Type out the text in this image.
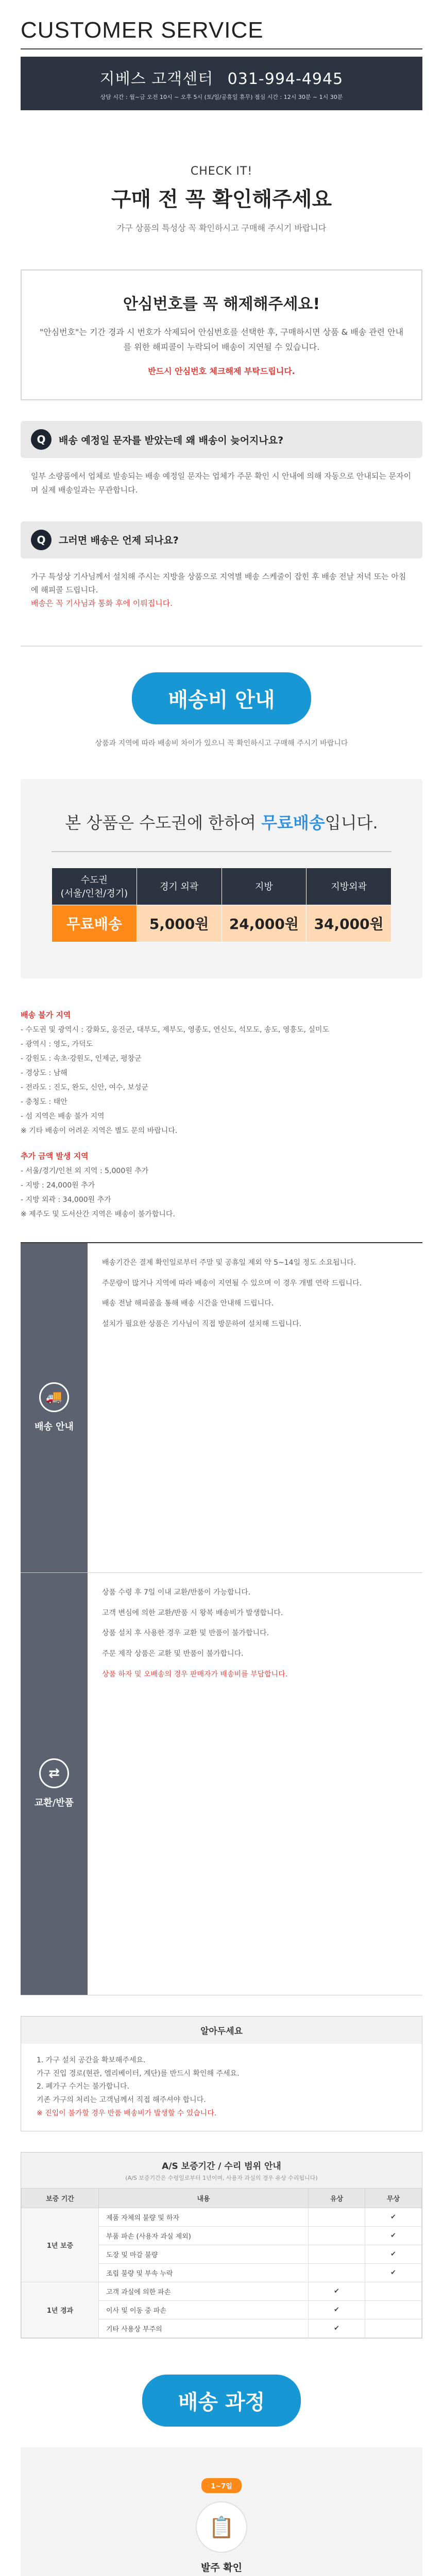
CUSTOMER SERVICE
지베스 고객센터 031-994-4945
상담 시간 : 월~금 오전 10시 ~ 오후 5시 (토/일/공휴일 휴무) 점심 시간 : 12시 30분 ~ 1시 30분
CHECK IT!
구매 전 꼭 확인해주세요

가구 상품의 특성상 꼭 확인하시고 구매해 주시기 바랍니다

안심번호를 꼭 해제해주세요!

"안심번호"는 기간 경과 시 번호가 삭제되어 안심번호를 선택한 후, 구매하시면 상품 & 배송 관련 안내를 위한 해피콜이 누락되어 배송이 지연될 수 있습니다.

반드시 안심번호 체크해제 부탁드립니다.

Q	배송 예정일 문자를 받았는데 왜 배송이 늦어지나요?
일부 소량품에서 업체로 발송되는 배송 예정일 문자는 업체가 주문 확인 시 안내에 의해 자동으로 안내되는 문자이며 실제 배송일과는 무관합니다.
Q	그러면 배송은 언제 되나요?
가구 특성상 기사님께서 설치해 주시는 지방을 상품으로 지역별 배송 스케줄이 잡힌 후 배송 전날 저녁 또는 아침에 해피콜 드립니다.
배송은 꼭 기사님과 통화 후에 이뤄집니다.
배송비 안내
상품과 지역에 따라 배송비 차이가 있으니 꼭 확인하시고 구매해 주시기 바랍니다
본 상품은 수도권에 한하여 무료배송입니다.
수도권
(서울/인천/경기)	경기 외곽	지방	지방외곽
무료배송	5,000원	24,000원	34,000원
배송 불가 지역
- 수도권 및 광역시 : 강화도, 옹진군, 대부도, 제부도, 영종도, 연신도, 석모도, 송도, 영흥도, 실미도
- 광역시 : 영도, 가덕도
- 강원도 : 속초·강원도, 인제군, 평창군
- 경상도 : 남해
- 전라도 : 진도, 완도, 신안, 여수, 보성군
- 충청도 : 태안
- 섬 지역은 배송 불가 지역
※ 기타 배송이 어려운 지역은 별도 문의 바랍니다.
추가 금액 발생 지역
- 서울/경기/인천 외 지역 : 5,000원 추가
- 지방 : 24,000원 추가
- 지방 외곽 : 34,000원 추가
※ 제주도 및 도서산간 지역은 배송이 불가합니다.
🚚
배송 안내

배송기간은 결제 확인일로부터 주말 및 공휴일 제외 약 5~14일 정도 소요됩니다.

주문량이 많거나 지역에 따라 배송이 지연될 수 있으며 이 경우 개별 연락 드립니다.

배송 전날 해피콜을 통해 배송 시간을 안내해 드립니다.

설치가 필요한 상품은 기사님이 직접 방문하여 설치해 드립니다.

⇄
교환/반품

상품 수령 후 7일 이내 교환/반품이 가능합니다.

고객 변심에 의한 교환/반품 시 왕복 배송비가 발생합니다.

상품 설치 후 사용한 경우 교환 및 반품이 불가합니다.

주문 제작 상품은 교환 및 반품이 불가합니다.

상품 하자 및 오배송의 경우 판매자가 배송비를 부담합니다.

알아두세요
1. 가구 설치 공간을 확보해주세요.
가구 진입 경로(현관, 엘리베이터, 계단)를 반드시 확인해 주세요.
2. 폐가구 수거는 불가합니다.
기존 가구의 처리는 고객님께서 직접 해주셔야 합니다.
※ 진입이 불가할 경우 반품 배송비가 발생할 수 있습니다.
A/S 보증기간 / 수리 범위 안내
(A/S 보증기간은 수령일로부터 1년이며, 사용자 과실의 경우 유상 수리됩니다)
보증 기간	내용	유상	무상
1년 보증	제품 자체의 불량 및 하자		✔
	부품 파손 (사용자 과실 제외)		✔
	도장 및 마감 불량		✔
	조립 불량 및 부속 누락		✔
1년 경과	고객 과실에 의한 파손	✔	
	이사 및 이동 중 파손	✔	
	기타 사용상 부주의	✔	
배송 과정
1~7일
📋
발주 확인
